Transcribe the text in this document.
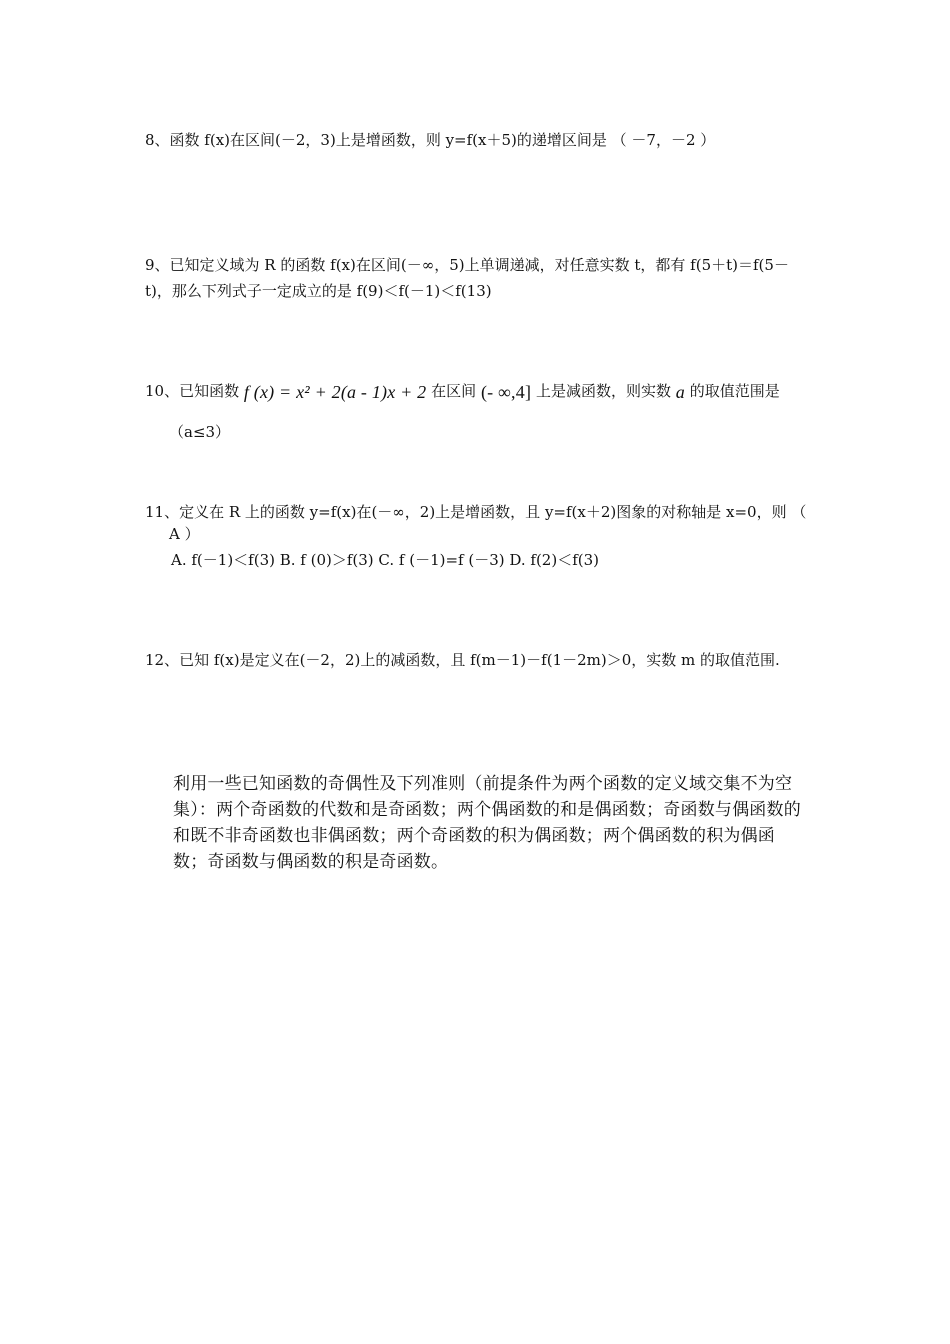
8、函数 f(x)在区间(－2，3)上是增函数，则 y=f(x＋5)的递增区间是 （ －7，－2 ）
9、已知定义域为 R 的函数 f(x)在区间(－∞，5)上单调递减，对任意实数 t，都有 f(5＋t)＝f(5－
t)，那么下列式子一定成立的是 f(9)＜f(－1)＜f(13)
10、已知函数 f (x) = x² + 2(a - 1)x + 2 在区间 (- ∞,4] 上是减函数，则实数 a 的取值范围是
（a≤3）
11、定义在 R 上的函数 y=f(x)在(－∞，2)上是增函数，且 y=f(x＋2)图象的对称轴是 x=0，则 （
A ）
A. f(－1)＜f(3) B. f (0)＞f(3) C. f (－1)=f (－3) D. f(2)＜f(3)
12、已知 f(x)是定义在(－2，2)上的减函数，且 f(m－1)－f(1－2m)＞0，实数 m 的取值范围.
利用一些已知函数的奇偶性及下列准则（前提条件为两个函数的定义域交集不为空集）：两个奇函数的代数和是奇函数；两个偶函数的和是偶函数；奇函数与偶函数的和既不非奇函数也非偶函数；两个奇函数的积为偶函数；两个偶函数的积为偶函数；奇函数与偶函数的积是奇函数。
